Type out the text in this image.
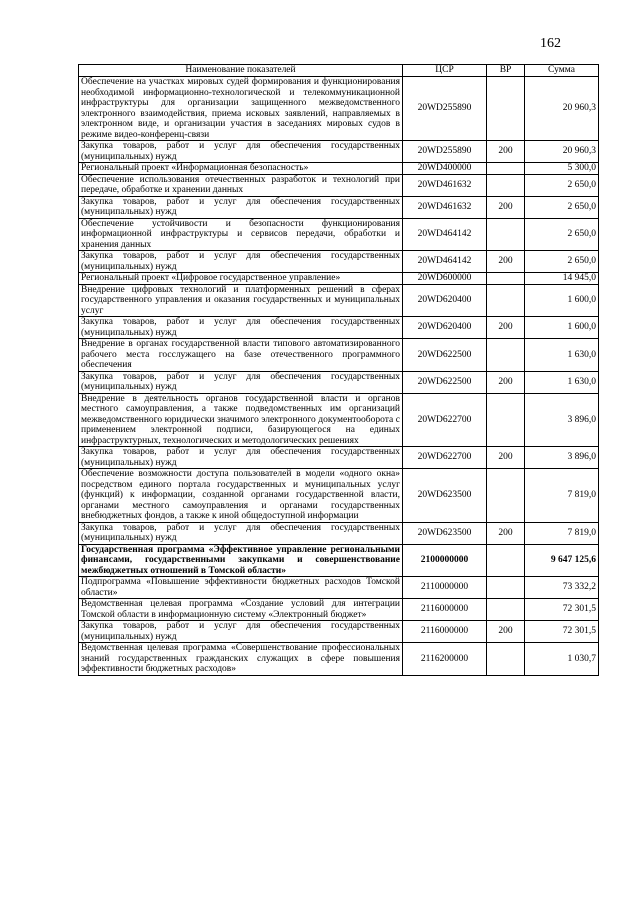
162
Наименование показателей	ЦСР	ВР	Сумма
Обеспечение на участках мировых судей формирования и функционирования необходимой информационно-технологической и телекоммуникационной инфраструктуры для организации защищенного межведомственного электронного взаимодействия, приема исковых заявлений, направляемых в электронном виде, и организации участия в заседаниях мировых судов в режиме видео-конференц-связи	20WD255890		20 960,3
Закупка товаров, работ и услуг для обеспечения государственных (муниципальных) нужд	20WD255890	200	20 960,3
Региональный проект «Информационная безопасность»	20WD400000		5 300,0
Обеспечение использования отечественных разработок и технологий при передаче, обработке и хранении данных	20WD461632		2 650,0
Закупка товаров, работ и услуг для обеспечения государственных (муниципальных) нужд	20WD461632	200	2 650,0
Обеспечение устойчивости и безопасности функционирования информационной инфраструктуры и сервисов передачи, обработки и хранения данных	20WD464142		2 650,0
Закупка товаров, работ и услуг для обеспечения государственных (муниципальных) нужд	20WD464142	200	2 650,0
Региональный проект «Цифровое государственное управление»	20WD600000		14 945,0
Внедрение цифровых технологий и платформенных решений в сферах государственного управления и оказания государственных и муниципальных услуг	20WD620400		1 600,0
Закупка товаров, работ и услуг для обеспечения государственных (муниципальных) нужд	20WD620400	200	1 600,0
Внедрение в органах государственной власти типового автоматизированного рабочего места госслужащего на базе отечественного программного обеспечения	20WD622500		1 630,0
Закупка товаров, работ и услуг для обеспечения государственных (муниципальных) нужд	20WD622500	200	1 630,0
Внедрение в деятельность органов государственной власти и органов местного самоуправления, а также подведомственных им организаций межведомственного юридически значимого электронного документооборота с применением электронной подписи, базирующегося на единых инфраструктурных, технологических и методологических решениях	20WD622700		3 896,0
Закупка товаров, работ и услуг для обеспечения государственных (муниципальных) нужд	20WD622700	200	3 896,0
Обеспечение возможности доступа пользователей в модели «одного окна» посредством единого портала государственных и муниципальных услуг (функций) к информации, созданной органами государственной власти, органами местного самоуправления и органами государственных внебюджетных фондов, а также к иной общедоступной информации	20WD623500		7 819,0
Закупка товаров, работ и услуг для обеспечения государственных (муниципальных) нужд	20WD623500	200	7 819,0
Государственная программа «Эффективное управление региональными финансами, государственными закупками и совершенствование межбюджетных отношений в Томской области»	2100000000		9 647 125,6
Подпрограмма «Повышение эффективности бюджетных расходов Томской области»	2110000000		73 332,2
Ведомственная целевая программа «Создание условий для интеграции Томской области в информационную систему «Электронный бюджет»	2116000000		72 301,5
Закупка товаров, работ и услуг для обеспечения государственных (муниципальных) нужд	2116000000	200	72 301,5
Ведомственная целевая программа «Совершенствование профессиональных знаний государственных гражданских служащих в сфере повышения эффективности бюджетных расходов»	2116200000		1 030,7
